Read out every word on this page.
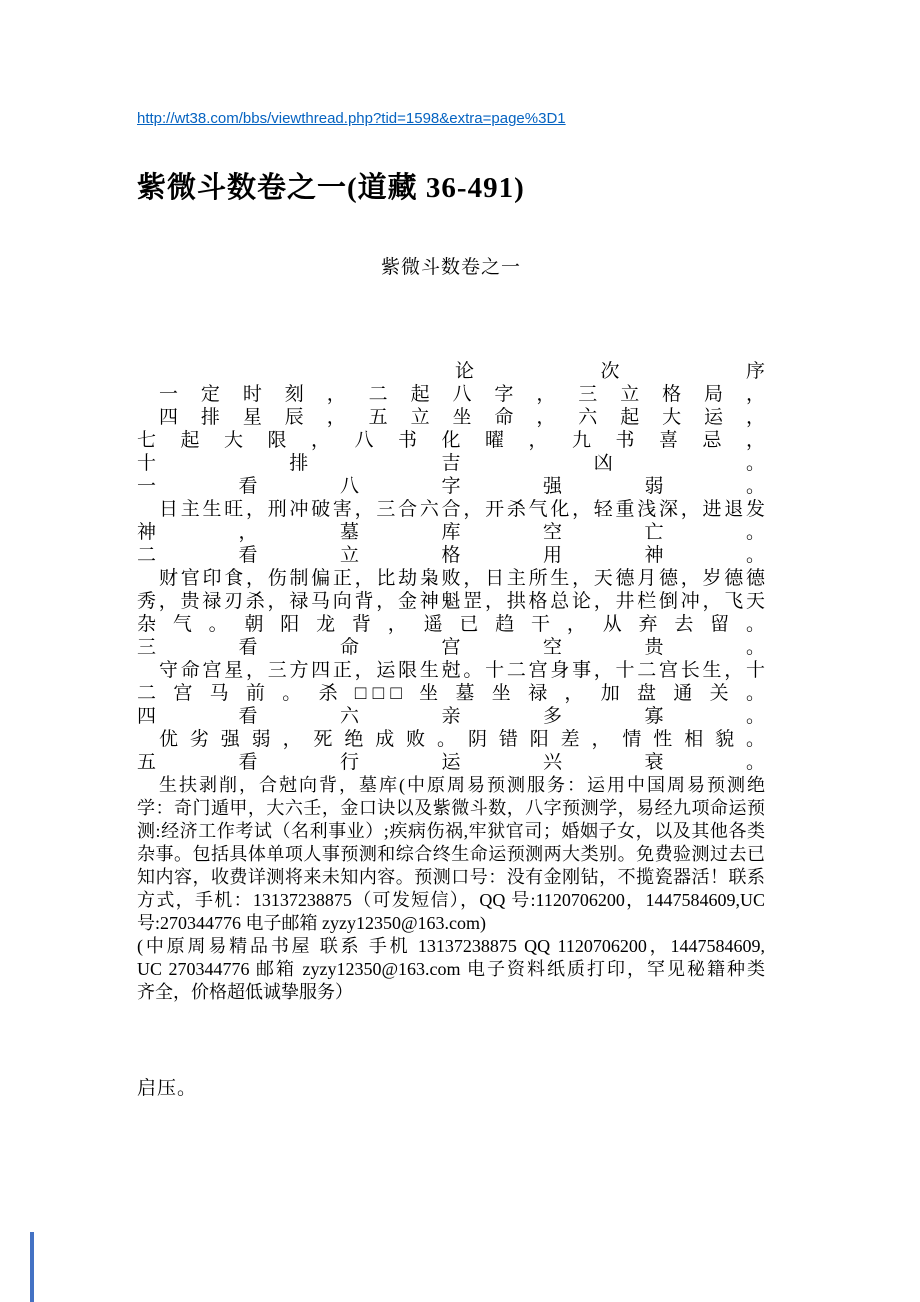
http://wt38.com/bbs/viewthread.php?tid=1598&extra=page%3D1
紫微斗数卷之一(道藏 36-491)
紫微斗数卷之一
论 次 序
一 定 时 刻 ， 二 起 八 字 ， 三 立 格 局 ，
四 排 星 辰 ， 五 立 坐 命 ， 六 起 大 运 ，
七 起 大 限 ， 八 书 化 曜 ， 九 书 喜 忌 ，
十 排 吉 凶 。
一 看 八 字 强 弱 。
日主生旺，刑冲破害，三合六合，开杀气化，轻重浅深，进退发
神 ， 墓 库 空 亡 。
二 看 立 格 用 神 。
财官印食，伤制偏正，比劫枭败，日主所生，天德月德，岁德德
秀，贵禄刃杀，禄马向背，金神魁罡，拱格总论，井栏倒冲，飞天
杂 气 。 朝 阳 龙 背 ， 遥 已 趋 干 ， 从 弃 去 留 。
三 看 命 宫 空 贵 。
守命宫星，三方四正，运限生尅。十二宫身事，十二宫长生，十
二 宫 马 前 。 杀 □□□ 坐 墓 坐 禄 ， 加 盘 通 关 。
四 看 六 亲 多 寡 。
优 劣 强 弱 ， 死 绝 成 败 。 阴 错 阳 差 ， 情 性 相 貌 。
五 看 行 运 兴 衰 。
生扶剥削，合尅向背，墓库(中原周易预测服务：运用中国周易预测绝
学：奇门遁甲，大六壬，金口诀以及紫微斗数，八字预测学，易经九项命运预
测:经济工作考试（名利事业）;疾病伤祸,牢狱官司；婚姻子女，以及其他各类
杂事。包括具体单项人事预测和综合终生命运预测两大类别。免费验测过去已
知内容，收费详测将来未知内容。预测口号：没有金刚钻，不揽瓷器活！联系
方式，手机：13137238875（可发短信），QQ 号:1120706200，1447584609,UC
号:270344776 电子邮箱 zyzy12350@163.com)
(中原周易精品书屋 联系 手机 13137238875 QQ 1120706200，1447584609,
UC 270344776 邮箱 zyzy12350@163.com 电子资料纸质打印，罕见秘籍种类
齐全，价格超低诚挚服务）
启压。
